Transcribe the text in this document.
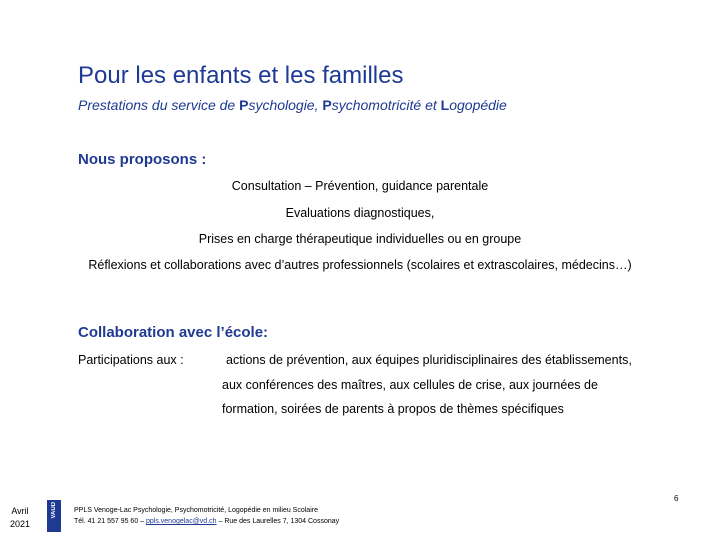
Pour les enfants et les familles
Prestations du service de Psychologie, Psychomotricité et Logopédie
Nous proposons :
Consultation – Prévention, guidance parentale
Evaluations diagnostiques,
Prises en charge thérapeutique individuelles ou en groupe
Réflexions et collaborations avec d’autres professionnels (scolaires et extrascolaires, médecins…)
Collaboration avec l’école:
Participations aux :	actions de prévention, aux équipes pluridisciplinaires des établissements,
aux conférences des maîtres, aux cellules de crise, aux journées de
formation, soirées de parents à propos de thèmes spécifiques
Avril
2021
VAUD PPLS Venoge-Lac Psychologie, Psychomotricité, Logopédie en milieu Scolaire
Tél. 41 21 557 95 60 – ppls.venogelac@vd.ch – Rue des Laurelles 7, 1304 Cossonay
6
